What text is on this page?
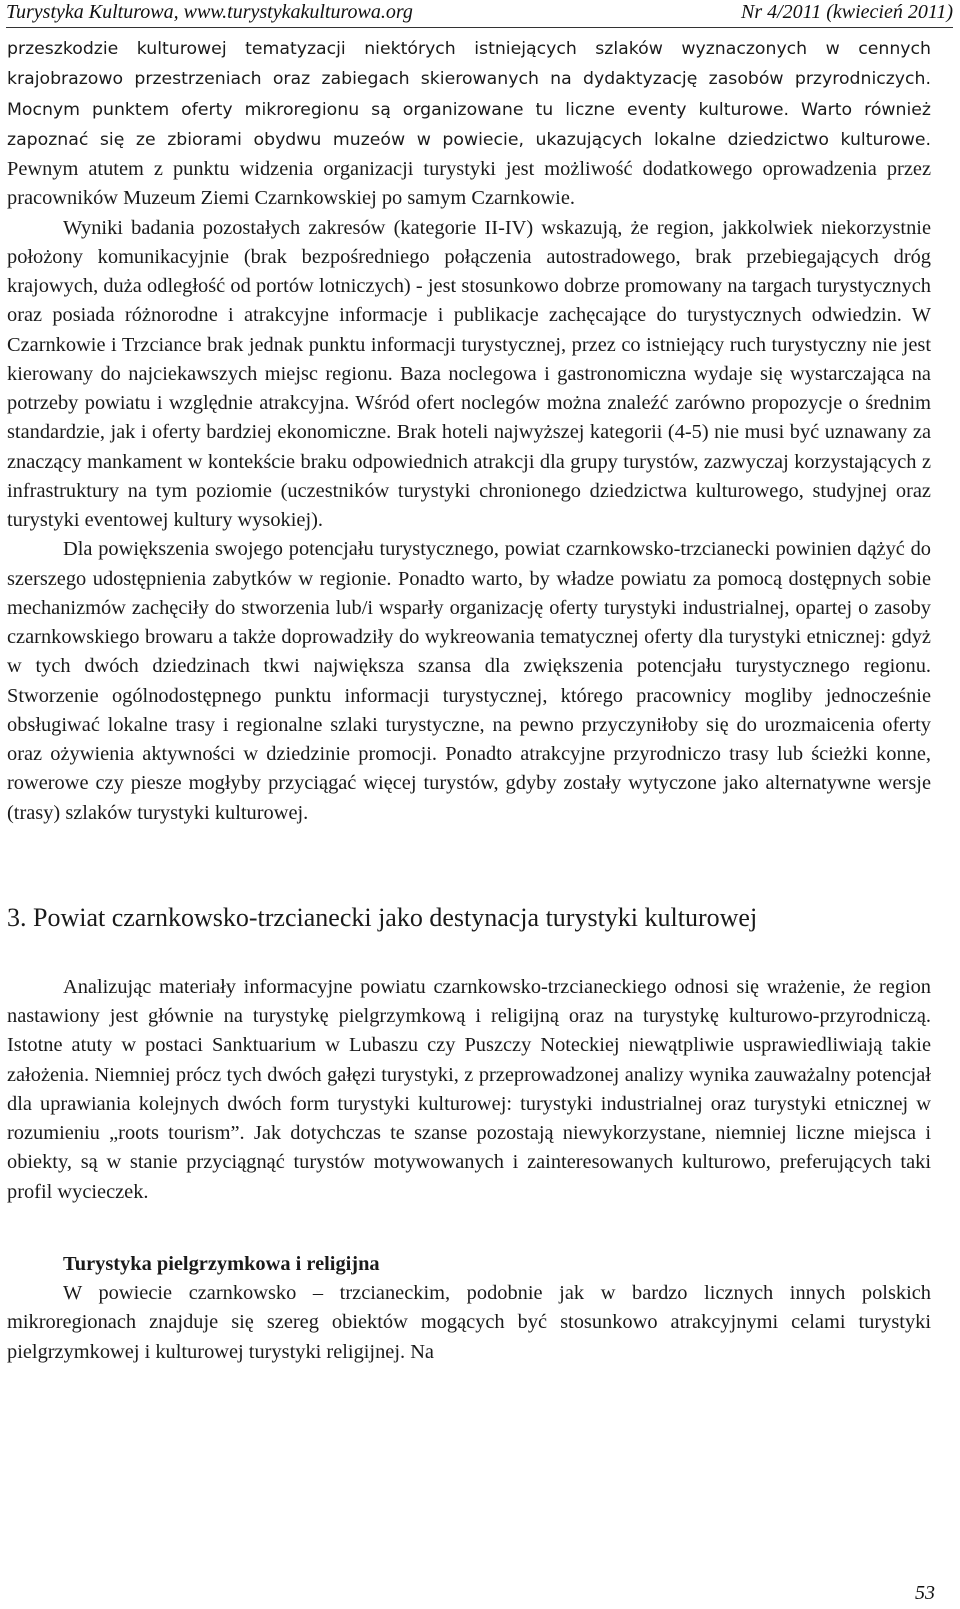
Turystyka Kulturowa, www.turystykakulturowa.org	Nr 4/2011 (kwiecień 2011)

przeszkodzie kulturowej tematyzacji niektórych istniejących szlaków wyznaczonych w cennych krajobrazowo przestrzeniach oraz zabiegach skierowanych na dydaktyzację zasobów przyrodniczych. Mocnym punktem oferty mikroregionu są organizowane tu liczne eventy kulturowe. Warto również zapoznać się ze zbiorami obydwu muzeów w powiecie, ukazujących lokalne dziedzictwo kulturowe. Pewnym atutem z punktu widzenia organizacji turystyki jest możliwość dodatkowego oprowadzenia przez pracowników Muzeum Ziemi Czarnkowskiej po samym Czarnkowie.

Wyniki badania pozostałych zakresów (kategorie II-IV) wskazują, że region, jakkolwiek niekorzystnie położony komunikacyjnie (brak bezpośredniego połączenia autostradowego, brak przebiegających dróg krajowych, duża odległość od portów lotniczych) - jest stosunkowo dobrze promowany na targach turystycznych oraz posiada różnorodne i atrakcyjne informacje i publikacje zachęcające do turystycznych odwiedzin. W Czarnkowie i Trzciance brak jednak punktu informacji turystycznej, przez co istniejący ruch turystyczny nie jest kierowany do najciekawszych miejsc regionu. Baza noclegowa i gastronomiczna wydaje się wystarczająca na potrzeby powiatu i względnie atrakcyjna. Wśród ofert noclegów można znaleźć zarówno propozycje o średnim standardzie, jak i oferty bardziej ekonomiczne. Brak hoteli najwyższej kategorii (4-5) nie musi być uznawany za znaczący mankament w kontekście braku odpowiednich atrakcji dla grupy turystów, zazwyczaj korzystających z infrastruktury na tym poziomie (uczestników turystyki chronionego dziedzictwa kulturowego, studyjnej oraz turystyki eventowej kultury wysokiej).

Dla powiększenia swojego potencjału turystycznego, powiat czarnkowsko-trzcianecki powinien dążyć do szerszego udostępnienia zabytków w regionie. Ponadto warto, by władze powiatu za pomocą dostępnych sobie mechanizmów zachęciły do stworzenia lub/i wsparły organizację oferty turystyki industrialnej, opartej o zasoby czarnkowskiego browaru a także doprowadziły do wykreowania tematycznej oferty dla turystyki etnicznej: gdyż w tych dwóch dziedzinach tkwi największa szansa dla zwiększenia potencjału turystycznego regionu. Stworzenie ogólnodostępnego punktu informacji turystycznej, którego pracownicy mogliby jednocześnie obsługiwać lokalne trasy i regionalne szlaki turystyczne, na pewno przyczyniłoby się do urozmaicenia oferty oraz ożywienia aktywności w dziedzinie promocji. Ponadto atrakcyjne przyrodniczo trasy lub ścieżki konne, rowerowe czy piesze mogłyby przyciągać więcej turystów, gdyby zostały wytyczone jako alternatywne wersje (trasy) szlaków turystyki kulturowej.

3. Powiat czarnkowsko-trzcianecki jako destynacja turystyki kulturowej

Analizując materiały informacyjne powiatu czarnkowsko-trzcianeckiego odnosi się wrażenie, że region nastawiony jest głównie na turystykę pielgrzymkową i religijną oraz na turystykę kulturowo-przyrodniczą. Istotne atuty w postaci Sanktuarium w Lubaszu czy Puszczy Noteckiej niewątpliwie usprawiedliwiają takie założenia. Niemniej prócz tych dwóch gałęzi turystyki, z przeprowadzonej analizy wynika zauważalny potencjał dla uprawiania kolejnych dwóch form turystyki kulturowej: turystyki industrialnej oraz turystyki etnicznej w rozumieniu „roots tourism”. Jak dotychczas te szanse pozostają niewykorzystane, niemniej liczne miejsca i obiekty, są w stanie przyciągnąć turystów motywowanych i zainteresowanych kulturowo, preferujących taki profil wycieczek.

Turystyka pielgrzymkowa i religijna

W powiecie czarnkowsko – trzcianeckim, podobnie jak w bardzo licznych innych polskich mikroregionach znajduje się szereg obiektów mogących być stosunkowo atrakcyjnymi celami turystyki pielgrzymkowej i kulturowej turystyki religijnej. Na

53
